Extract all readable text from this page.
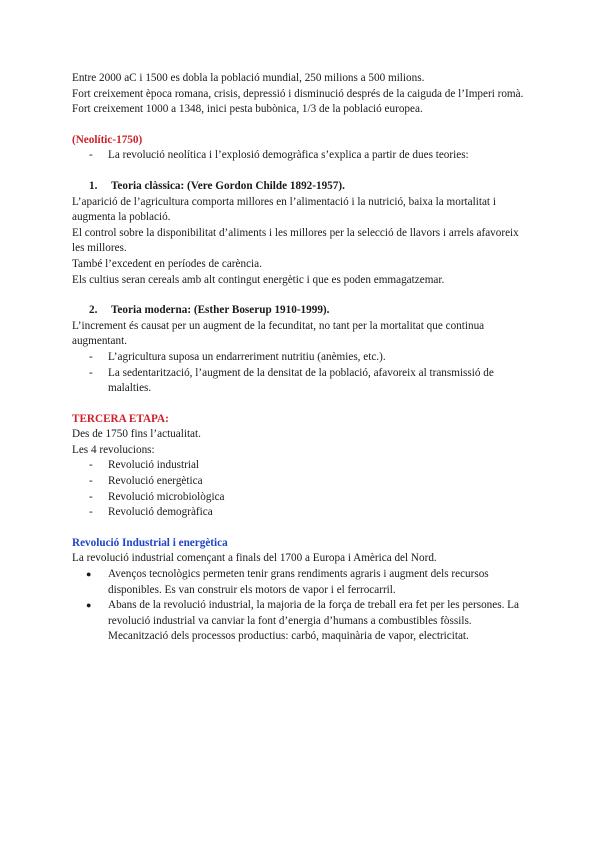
Entre 2000 aC i 1500 es dobla la població mundial, 250 milions a 500 milions.

Fort creixement època romana, crisis, depressió i disminució després de la caiguda de l’Imperi romà.

Fort creixement 1000 a 1348, inici pesta bubònica, 1/3 de la població europea.

(Neolític-1750)

-	La revolució neolítica i l’explosió demogràfica s’explica a partir de dues teories:

1.	Teoria clàssica: (Vere Gordon Childe 1892-1957).

L’aparició de l’agricultura comporta millores en l’alimentació i la nutrició, baixa la mortalitat i augmenta la població.

El control sobre la disponibilitat d’aliments i les millores per la selecció de llavors i arrels afavoreix les millores.

També l’excedent en períodes de carència.

Els cultius seran cereals amb alt contingut energètic i que es poden emmagatzemar.

2.	Teoria moderna: (Esther Boserup 1910-1999).

L’increment és causat per un augment de la fecunditat, no tant per la mortalitat que continua augmentant.

-	L’agricultura suposa un endarreriment nutritiu (anèmies, etc.).
-	La sedentarització, l’augment de la densitat de la població, afavoreix al transmissió de malalties.

TERCERA ETAPA:

Des de 1750 fins l’actualitat.

Les 4 revolucions:

-	Revolució industrial
-	Revolució energètica
-	Revolució microbiològica
-	Revolució demogràfica

Revolució Industrial i energètica

La revolució industrial començant a finals del 1700 a Europa i Amèrica del Nord.

●	Avenços tecnològics permeten tenir grans rendiments agraris i augment dels recursos disponibles. Es van construir els motors de vapor i el ferrocarril.
●	Abans de la revolució industrial, la majoria de la força de treball era fet per les persones. La revolució industrial va canviar la font d’energia d’humans a combustibles fòssils. Mecanització dels processos productius: carbó, maquinària de vapor, electricitat.
